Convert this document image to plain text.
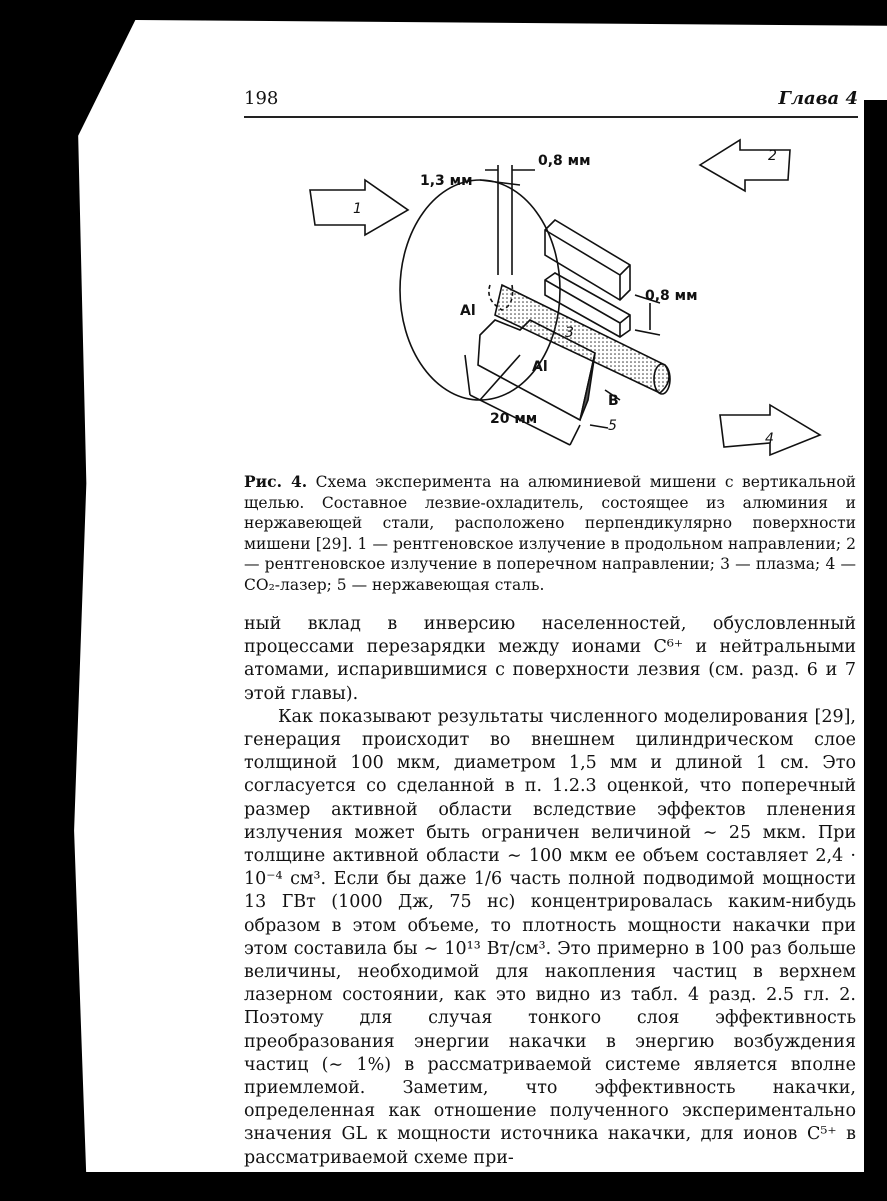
198	Глава 4
1
2
3
4
5
1,3 мм
0,8 мм
0,8 мм
20 мм
Al
Al
B
Рис. 4. Схема эксперимента на алюминиевой мишени с вертикальной щелью. Составное лезвие-охладитель, состоящее из алюминия и нержавеющей стали, расположено перпендикулярно поверхности мишени [29]. 1 — рентгеновское излучение в продольном направлении; 2 — рентгеновское излучение в поперечном направлении; 3 — плазма; 4 — CO₂-лазер; 5 — нержавеющая сталь.

ный вклад в инверсию населенностей, обусловленный процессами перезарядки между ионами C⁶⁺ и нейтральными атомами, испарившимися с поверхности лезвия (см. разд. 6 и 7 этой главы).

Как показывают результаты численного моделирования [29], генерация происходит во внешнем цилиндрическом слое толщиной 100 мкм, диаметром 1,5 мм и длиной 1 см. Это согласуется со сделанной в п. 1.2.3 оценкой, что поперечный размер активной области вследствие эффектов пленения излучения может быть ограничен величиной ∼ 25 мкм. При толщине активной области ∼ 100 мкм ее объем составляет 2,4 · 10⁻⁴ см³. Если бы даже 1/6 часть полной подводимой мощности 13 ГВт (1000 Дж, 75 нс) концентрировалась каким-нибудь образом в этом объеме, то плотность мощности накачки при этом составила бы ∼ 10¹³ Вт/см³. Это примерно в 100 раз больше величины, необходимой для накопления частиц в верхнем лазерном состоянии, как это видно из табл. 4 разд. 2.5 гл. 2. Поэтому для случая тонкого слоя эффективность преобразования энергии накачки в энергию возбуждения частиц (∼ 1%) в рассматриваемой системе является вполне приемлемой. Заметим, что эффективность накачки, определенная как отношение полученного экспериментально значения GL к мощности источника накачки, для ионов C⁵⁺ в рассматриваемой схеме при-
